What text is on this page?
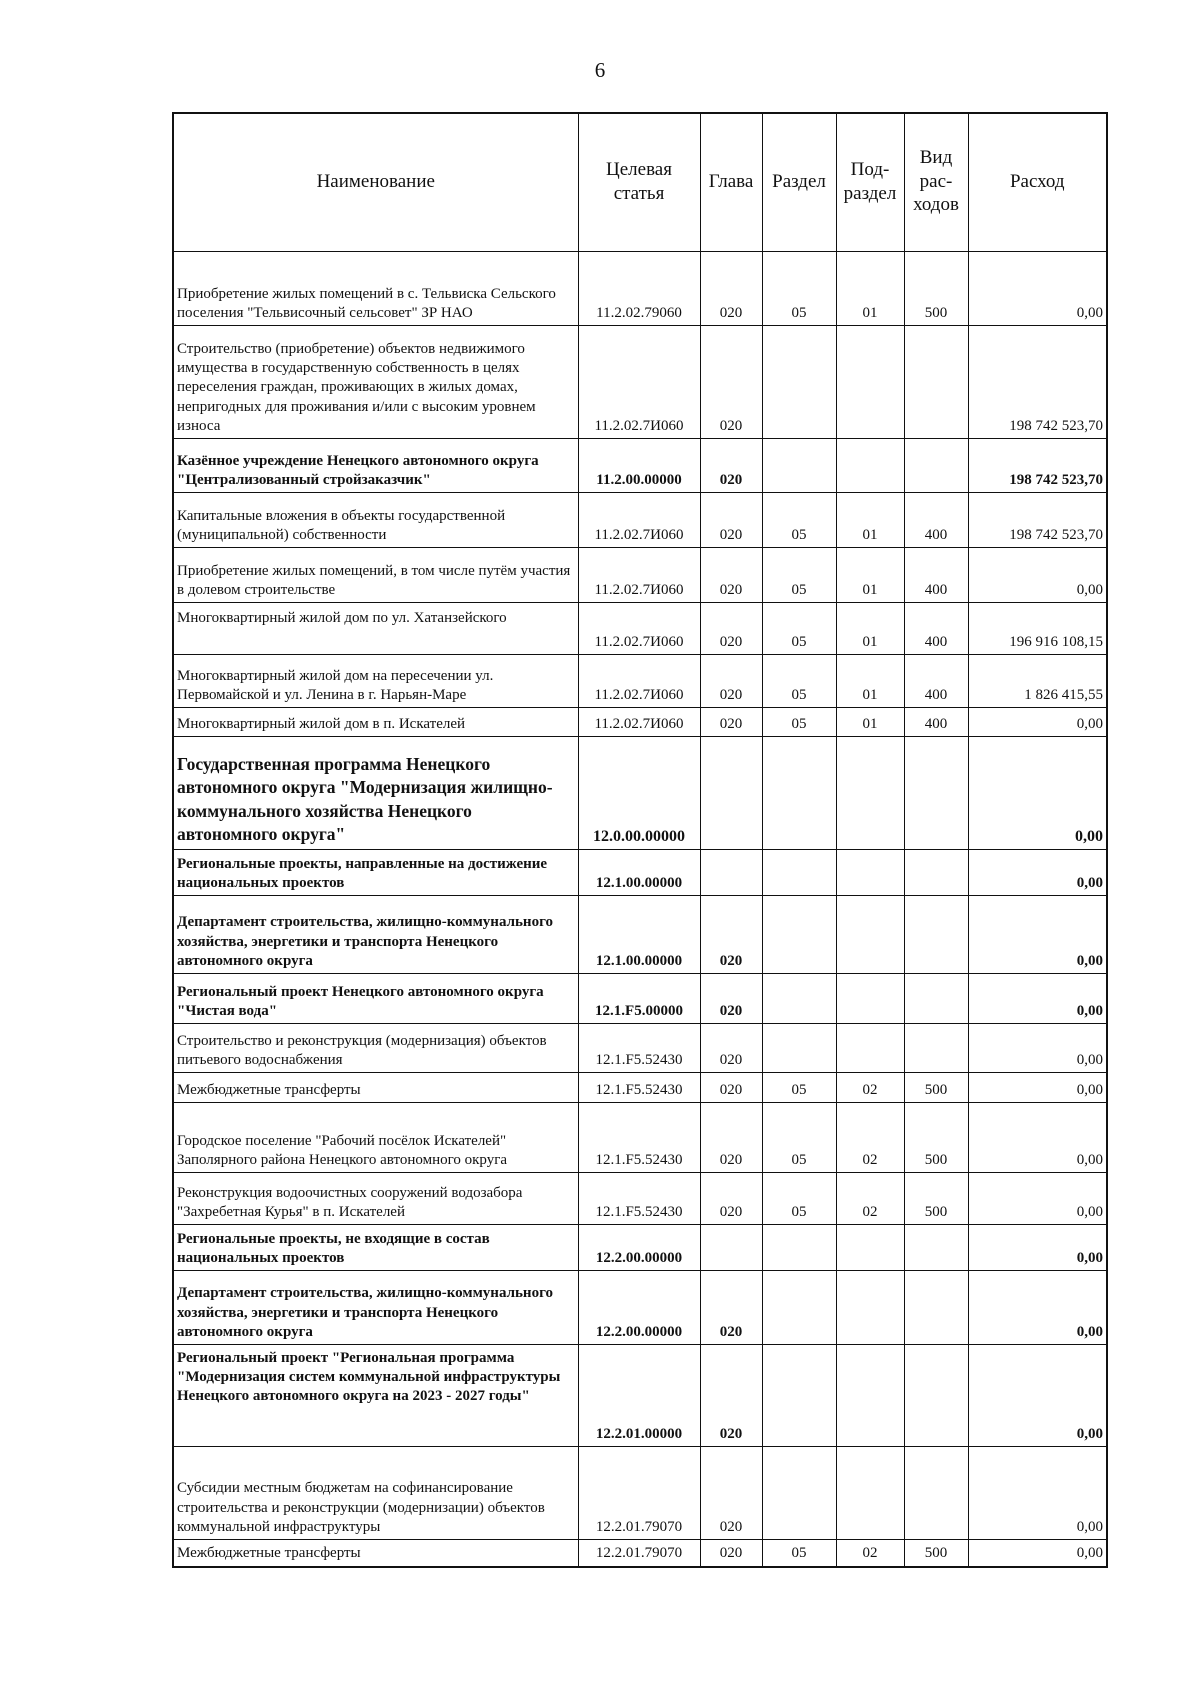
6
Наименование	Целевая статья	Глава	Раздел	Под-раздел	Вид рас-ходов	Расход
Приобретение жилых помещений в с. Тельвиска Сельского поселения "Тельвисочный сельсовет" ЗР НАО	11.2.02.79060	020	05	01	500	0,00
Строительство (приобретение) объектов недвижимого имущества в государственную собственность в целях переселения граждан, проживающих в жилых домах, непригодных для проживания и/или с высоким уровнем износа	11.2.02.7И060	020				198 742 523,70
Казённое учреждение Ненецкого автономного округа "Централизованный стройзаказчик"	11.2.00.00000	020				198 742 523,70
Капитальные вложения в объекты государственной (муниципальной) собственности	11.2.02.7И060	020	05	01	400	198 742 523,70
Приобретение жилых помещений, в том числе путём участия в долевом строительстве	11.2.02.7И060	020	05	01	400	0,00
Многоквартирный жилой дом по ул. Хатанзейского	11.2.02.7И060	020	05	01	400	196 916 108,15
Многоквартирный жилой дом на пересечении ул. Первомайской и ул. Ленина в г. Нарьян-Маре	11.2.02.7И060	020	05	01	400	1 826 415,55
Многоквартирный жилой дом в п. Искателей	11.2.02.7И060	020	05	01	400	0,00
Государственная программа Ненецкого автономного округа "Модернизация жилищно-коммунального хозяйства Ненецкого автономного округа"	12.0.00.00000					0,00
Региональные проекты, направленные на достижение национальных проектов	12.1.00.00000					0,00
Департамент строительства, жилищно-коммунального хозяйства, энергетики и транспорта Ненецкого автономного округа	12.1.00.00000	020				0,00
Региональный проект Ненецкого автономного округа "Чистая вода"	12.1.F5.00000	020				0,00
Строительство и реконструкция (модернизация) объектов питьевого водоснабжения	12.1.F5.52430	020				0,00
Межбюджетные трансферты	12.1.F5.52430	020	05	02	500	0,00
Городское поселение "Рабочий посёлок Искателей" Заполярного района Ненецкого автономного округа	12.1.F5.52430	020	05	02	500	0,00
Реконструкция водоочистных сооружений водозабора "Захребетная Курья" в п. Искателей	12.1.F5.52430	020	05	02	500	0,00
Региональные проекты, не входящие в состав национальных проектов	12.2.00.00000					0,00
Департамент строительства, жилищно-коммунального хозяйства, энергетики и транспорта Ненецкого автономного округа	12.2.00.00000	020				0,00
Региональный проект "Региональная программа "Модернизация систем коммунальной инфраструктуры Ненецкого автономного округа на 2023 - 2027 годы"	12.2.01.00000	020				0,00
Субсидии местным бюджетам на софинансирование строительства и реконструкции (модернизации) объектов коммунальной инфраструктуры	12.2.01.79070	020				0,00
Межбюджетные трансферты	12.2.01.79070	020	05	02	500	0,00
